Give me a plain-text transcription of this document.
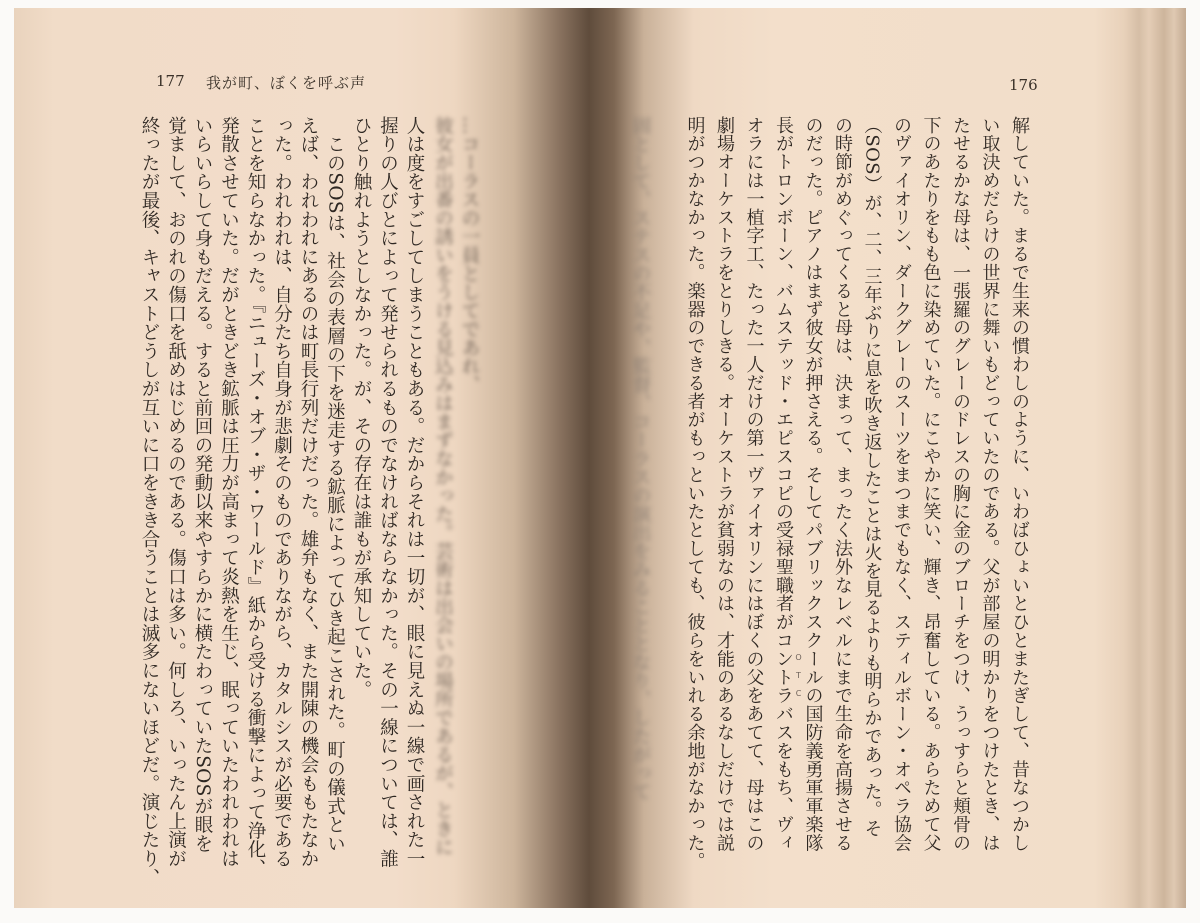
177 我が町、ぼくを呼ぶ声	176
…コーラスの一員としてであれ、
彼女が出番の誘いをうける見込みはまずなかった。芸術は出会いの場所であるが、ときに
人は度をすごしてしまうこともある。だからそれは一切が、眼に見えぬ一線で画された一
握りの人びとによって発せられるものでなければならなかった。その一線については、誰
ひとり触れようとしなかった。が、その存在は誰もが承知していた。
　このSOSは、社会の表層の下を迷走する鉱脈によってひき起こされた。町の儀式とい
えば、われわれにあるのは町長行列だけだった。雄弁もなく、また開陳の機会ももたなか
った。われわれは、自分たち自身が悲劇そのものでありながら、カタルシスが必要である
ことを知らなかった。『ニューズ・オブ・ザ・ワールド』紙から受ける衝撃によって浄化、
発散させていた。だがときどき鉱脈は圧力が高まって炎熱を生じ、眠っていたわれわれは
いらいらして身もだえる。すると前回の発動以来やすらかに横たわっていたSOSが眼を
覚まして、おのれの傷口を舐めはじめるのである。傷口は多い。何しろ、いったん上演が
終ったが最後、キャストどうしが互いに口をきき合うことは滅多にないほどだ。演じたり、	固として、ステスの不足や、監督、コーラスの演出をみることとなり、したがって	解していた。まるで生来の慣わしのように、いわばひょいとひとまたぎして、昔なつかし
い取決めだらけの世界に舞いもどっていたのである。父が部屋の明かりをつけたとき、は
たせるかな母は、一張羅のグレーのドレスの胸に金のブローチをつけ、うっすらと頬骨の
下のあたりをもも色に染めていた。にこやかに笑い、輝き、昂奮している。あらためて父
のヴァイオリン、ダークグレーのスーツをまつまでもなく、スティルボーン・オペラ協会
（SOS）が、二、三年ぶりに息を吹き返したことは火を見るよりも明らかであった。そ
の時節がめぐってくると母は、決まって、まったく法外なレベルにまで生命を高揚させる
のだった。ピアノはまず彼女が押さえる。そしてパブリックスクールの国防義勇軍軍楽隊
長がトロンボーン、バムステッド・エピスコピの受禄聖職者がコントラバスをもち、ヴィ
オラには一植字工、たった一人だけの第一ヴァイオリンにはぼくの父をあてて、母はこの
劇場オーケストラをとりしきる。オーケストラが貧弱なのは、才能のあるなしだけでは説
明がつかなかった。楽器のできる者がもっといたとしても、彼らをいれる余地がなかった。	OTC
